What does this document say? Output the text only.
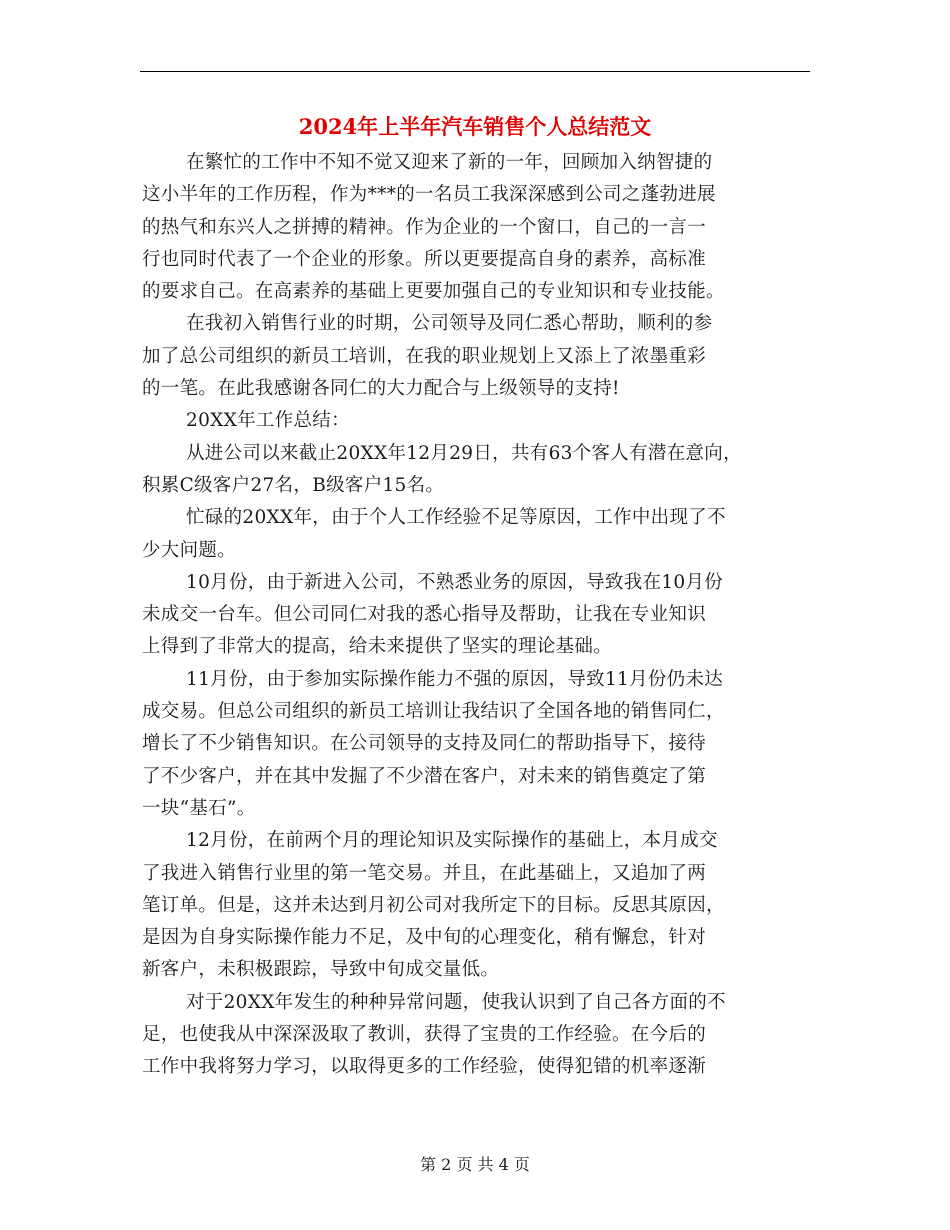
2024年上半年汽车销售个人总结范文
在繁忙的工作中不知不觉又迎来了新的一年，回顾加入纳智捷的
这小半年的工作历程，作为***的一名员工我深深感到公司之蓬勃进展
的热气和东兴人之拼搏的精神。作为企业的一个窗口，自己的一言一
行也同时代表了一个企业的形象。所以更要提高自身的素养，高标准
的要求自己。在高素养的基础上更要加强自己的专业知识和专业技能。
在我初入销售行业的时期，公司领导及同仁悉心帮助，顺利的参
加了总公司组织的新员工培训，在我的职业规划上又添上了浓墨重彩
的一笔。在此我感谢各同仁的大力配合与上级领导的支持!
20XX年工作总结：
从进公司以来截止20XX年12月29日，共有63个客人有潜在意向，
积累C级客户27名，B级客户15名。
忙碌的20XX年，由于个人工作经验不足等原因，工作中出现了不
少大问题。
10月份，由于新进入公司，不熟悉业务的原因，导致我在10月份
未成交一台车。但公司同仁对我的悉心指导及帮助，让我在专业知识
上得到了非常大的提高，给未来提供了坚实的理论基础。
11月份，由于参加实际操作能力不强的原因，导致11月份仍未达
成交易。但总公司组织的新员工培训让我结识了全国各地的销售同仁，
增长了不少销售知识。在公司领导的支持及同仁的帮助指导下，接待
了不少客户，并在其中发掘了不少潜在客户，对未来的销售奠定了第
一块“基石”。
12月份，在前两个月的理论知识及实际操作的基础上，本月成交
了我进入销售行业里的第一笔交易。并且，在此基础上，又追加了两
笔订单。但是，这并未达到月初公司对我所定下的目标。反思其原因，
是因为自身实际操作能力不足，及中旬的心理变化，稍有懈怠，针对
新客户，未积极跟踪，导致中旬成交量低。
对于20XX年发生的种种异常问题，使我认识到了自己各方面的不
足，也使我从中深深汲取了教训，获得了宝贵的工作经验。在今后的
工作中我将努力学习，以取得更多的工作经验，使得犯错的机率逐渐
第 2 页 共 4 页
